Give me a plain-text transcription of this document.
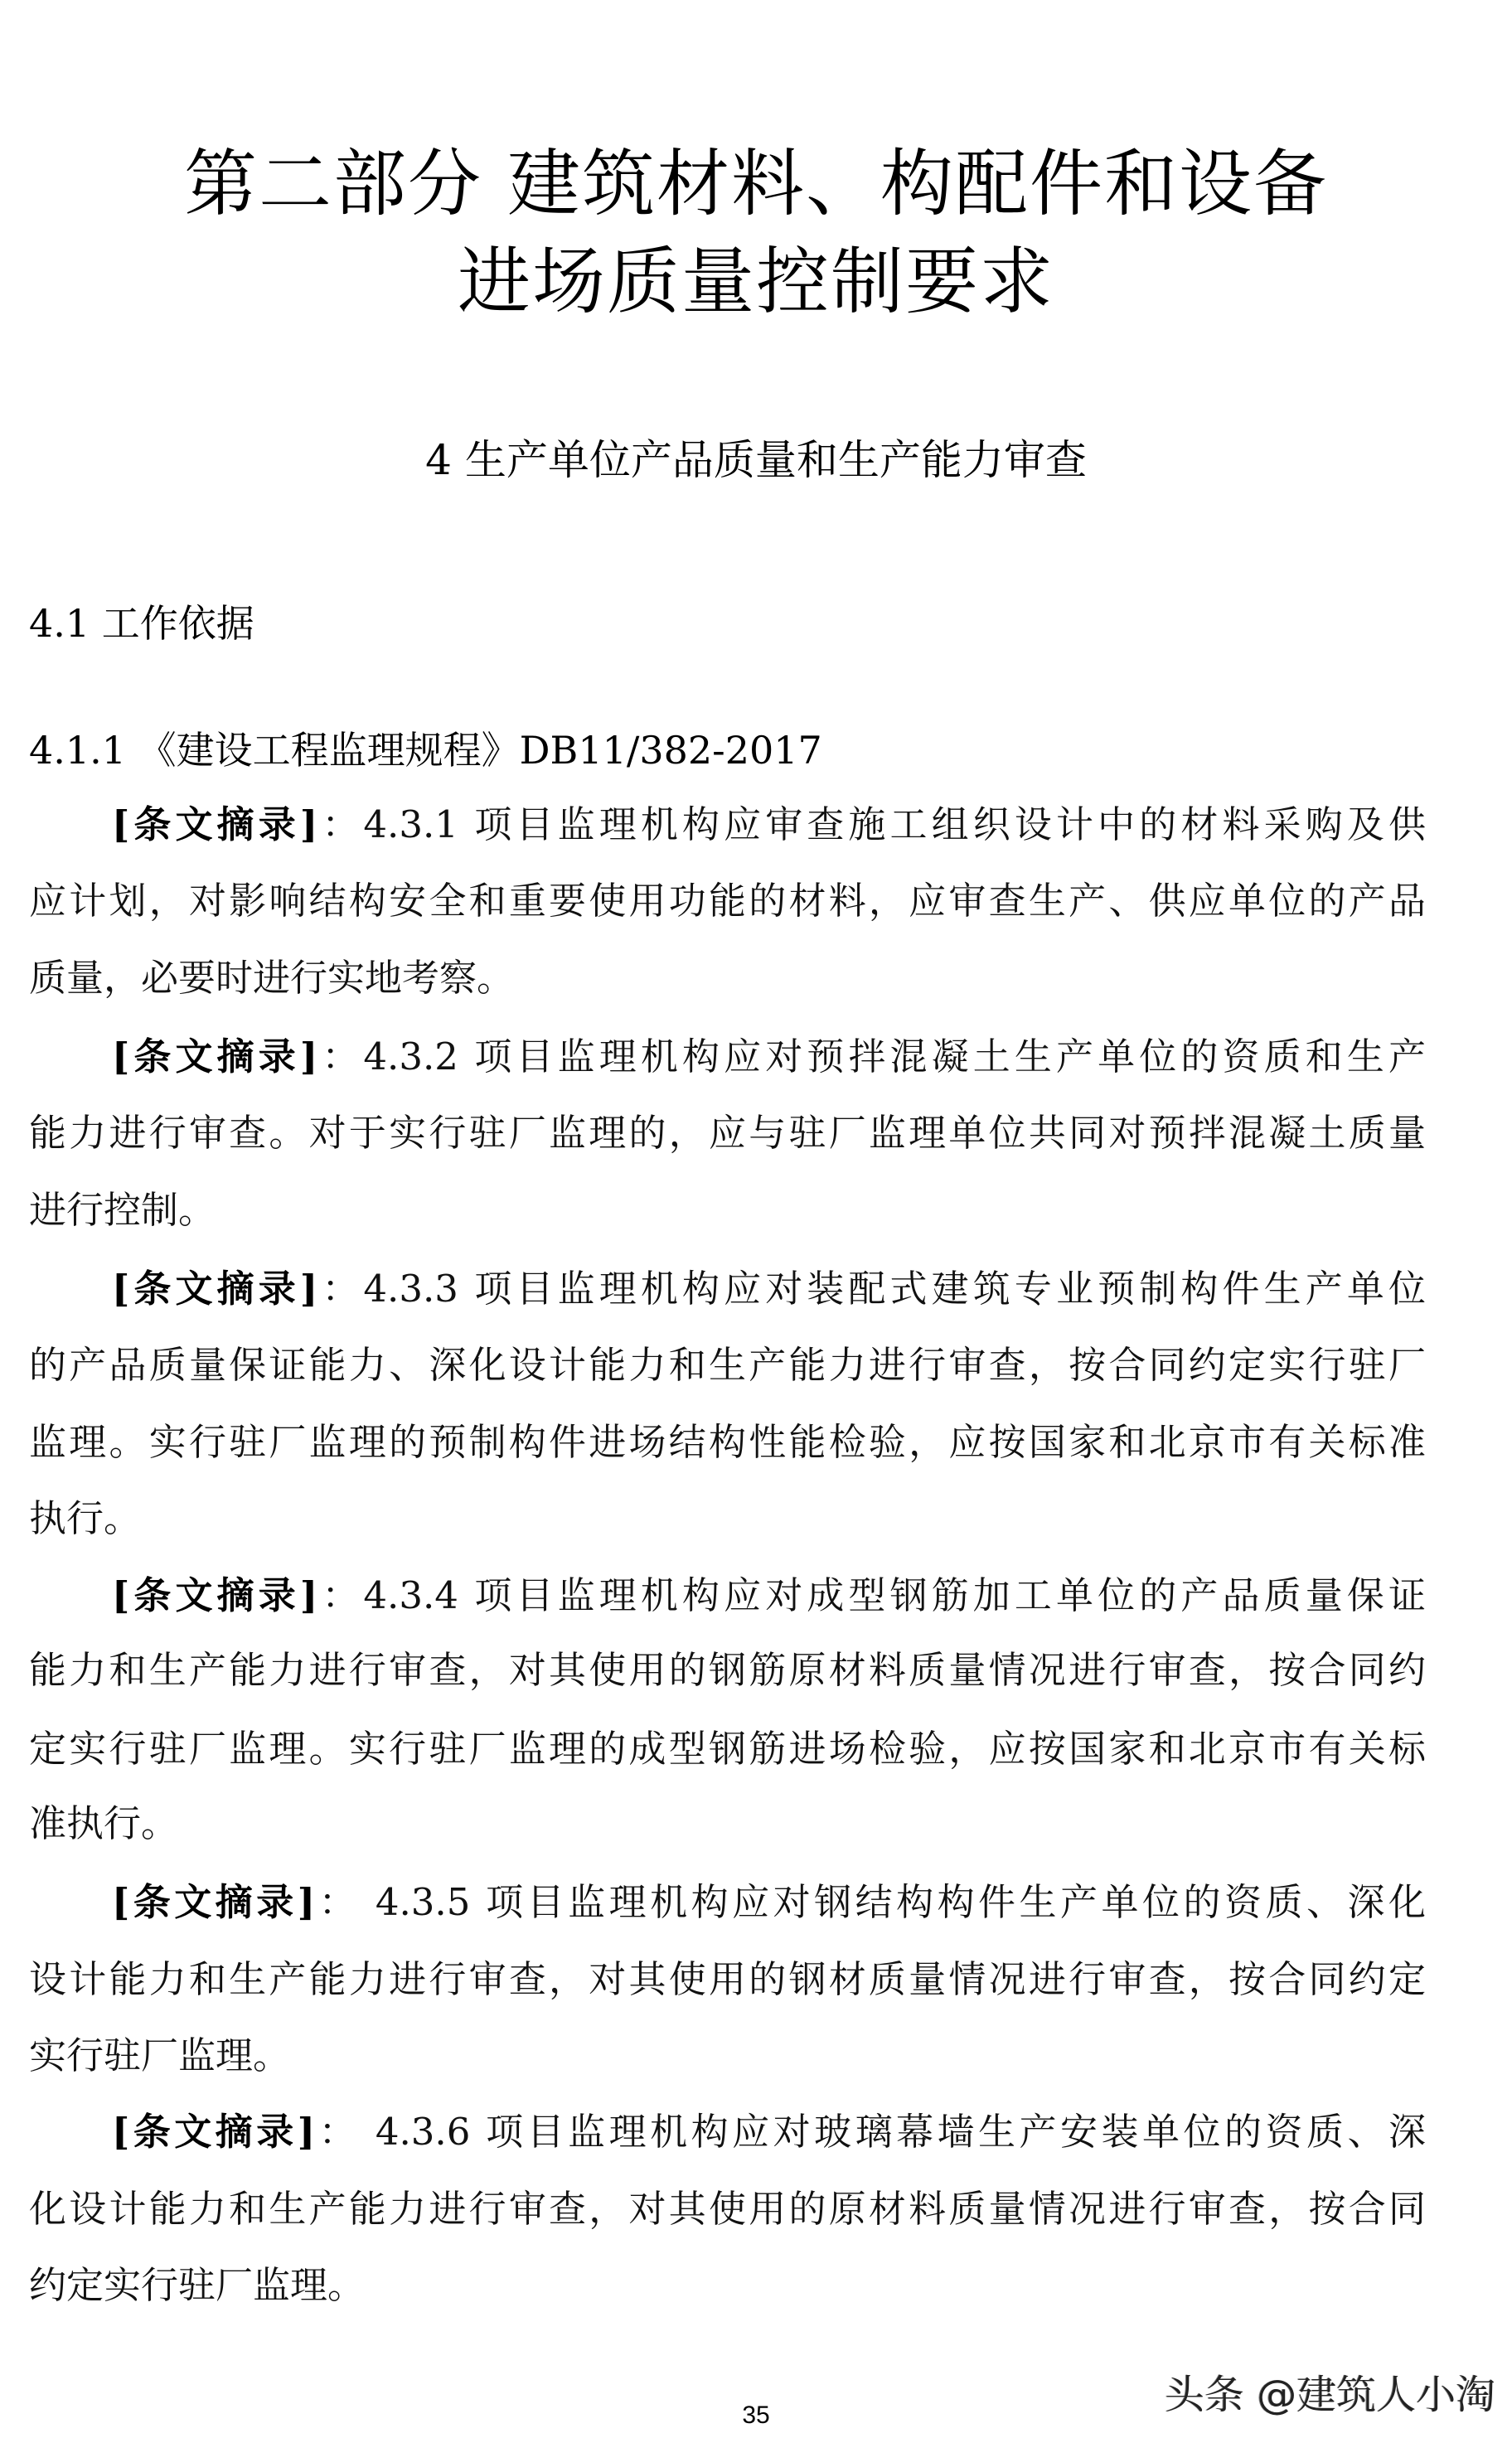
第二部分 建筑材料、构配件和设备
进场质量控制要求
4 生产单位产品质量和生产能力审查
4.1 工作依据
4.1.1 《建设工程监理规程》DB11/382-2017
[条文摘录]：4.3.1 项目监理机构应审查施工组织设计中的材料采购及供
应计划，对影响结构安全和重要使用功能的材料，应审查生产、供应单位的产品
质量，必要时进行实地考察。
[条文摘录]：4.3.2 项目监理机构应对预拌混凝土生产单位的资质和生产
能力进行审查。对于实行驻厂监理的，应与驻厂监理单位共同对预拌混凝土质量
进行控制。
[条文摘录]：4.3.3 项目监理机构应对装配式建筑专业预制构件生产单位
的产品质量保证能力、深化设计能力和生产能力进行审查，按合同约定实行驻厂
监理。实行驻厂监理的预制构件进场结构性能检验，应按国家和北京市有关标准
执行。
[条文摘录]：4.3.4 项目监理机构应对成型钢筋加工单位的产品质量保证
能力和生产能力进行审查，对其使用的钢筋原材料质量情况进行审查，按合同约
定实行驻厂监理。实行驻厂监理的成型钢筋进场检验，应按国家和北京市有关标
准执行。
[条文摘录]： 4.3.5 项目监理机构应对钢结构构件生产单位的资质、深化
设计能力和生产能力进行审查，对其使用的钢材质量情况进行审查，按合同约定
实行驻厂监理。
[条文摘录]： 4.3.6 项目监理机构应对玻璃幕墙生产安装单位的资质、深
化设计能力和生产能力进行审查，对其使用的原材料质量情况进行审查，按合同
约定实行驻厂监理。
35	头条 @建筑人小淘
